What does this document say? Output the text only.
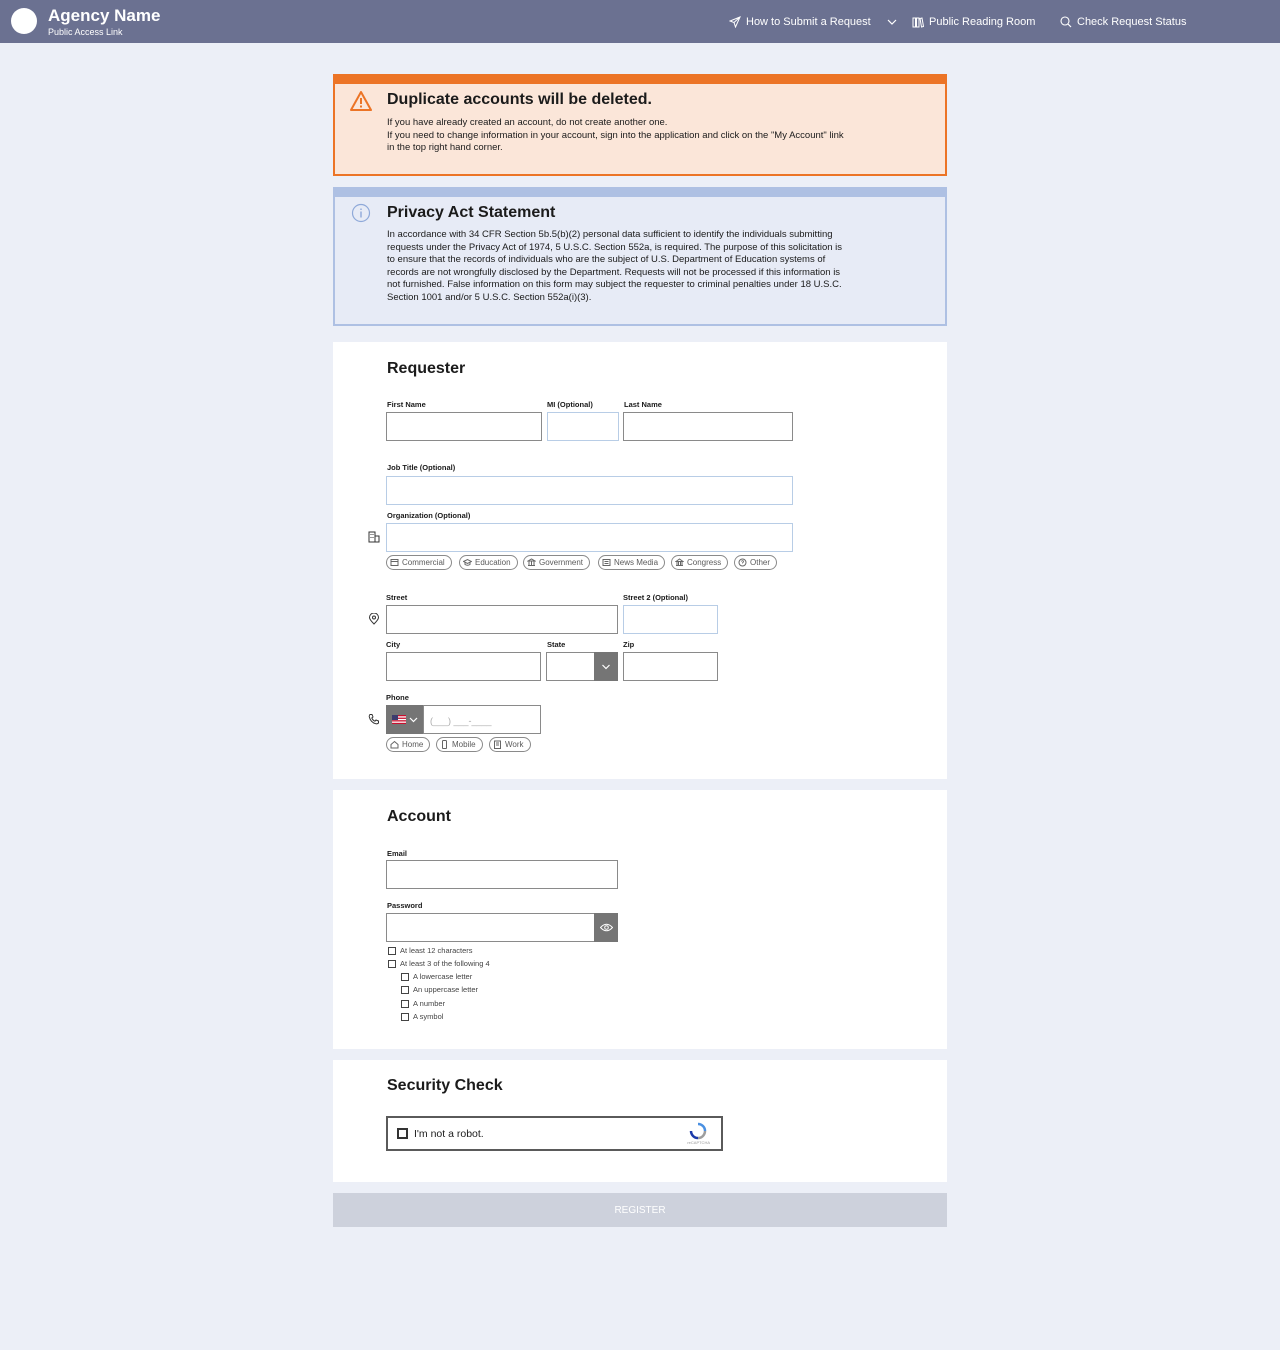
Agency Name
Public Access Link
How to Submit a Request	Public Reading Room	Check Request Status
Duplicate accounts will be deleted.
If you have already created an account, do not create another one.
If you need to change information in your account, sign into the application and click on the "My Account" link
in the top right hand corner.
Privacy Act Statement
In accordance with 34 CFR Section 5b.5(b)(2) personal data sufficient to identify the individuals submitting
requests under the Privacy Act of 1974, 5 U.S.C. Section 552a, is required. The purpose of this solicitation is
to ensure that the records of individuals who are the subject of U.S. Department of Education systems of
records are not wrongfully disclosed by the Department. Requests will not be processed if this information is
not furnished. False information on this form may subject the requester to criminal penalties under 18 U.S.C.
Section 1001 and/or 5 U.S.C. Section 552a(i)(3).
Requester
First Name	MI (Optional)	Last Name
Job Title (Optional)
Organization (Optional)
Commercial	Education	Government	News Media	Congress	Other
Street	Street 2 (Optional)
City	State	Zip
Phone
(___) ___-____
Home	Mobile	Work
Account
Email
Password
At least 12 characters
At least 3 of the following 4
A lowercase letter
An uppercase letter
A number
A symbol
Security Check
I'm not a robot.
reCAPTCHA
REGISTER
